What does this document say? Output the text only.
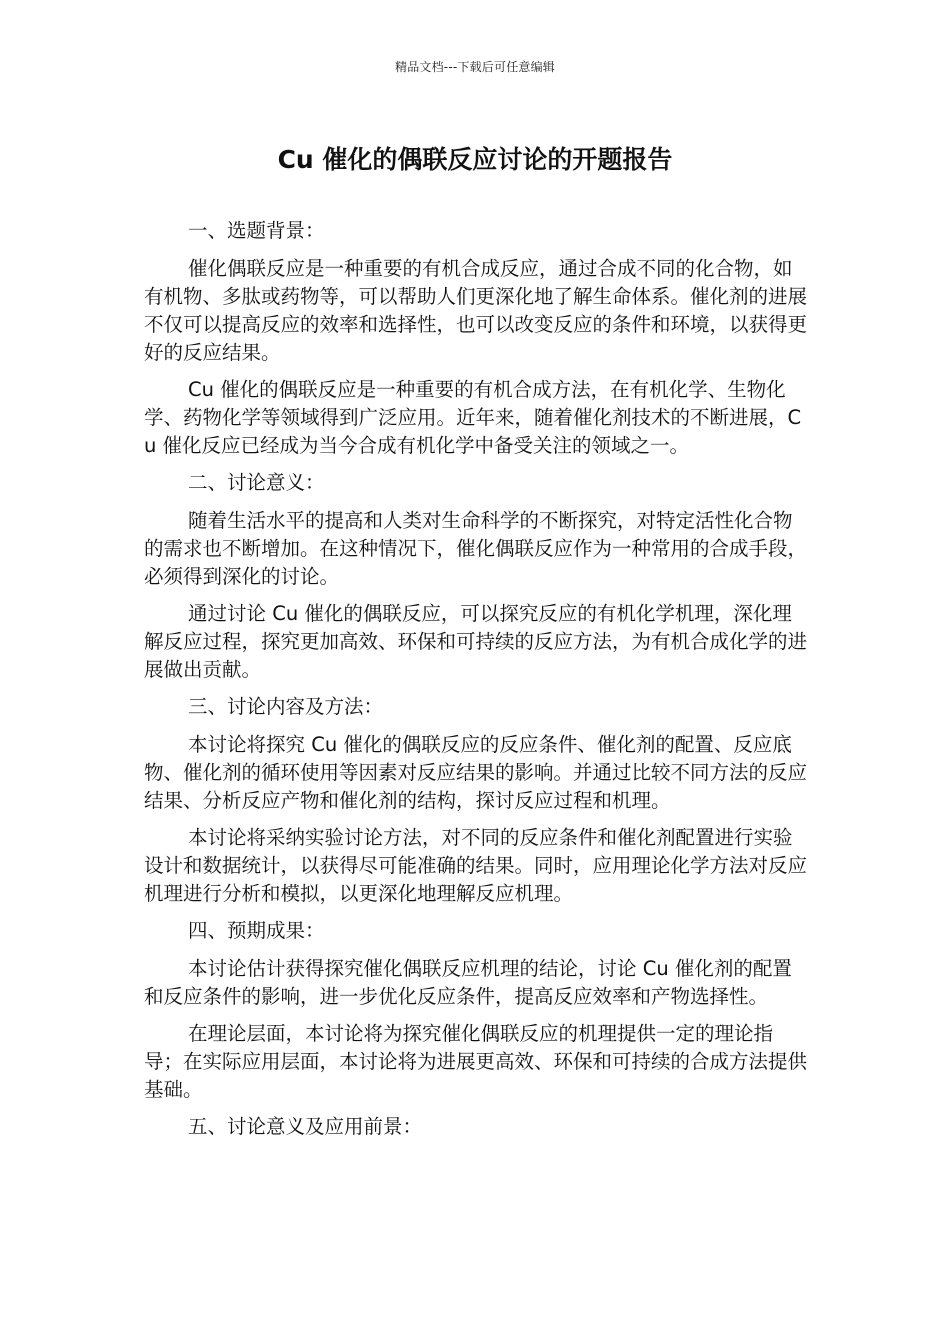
精品文档---下载后可任意编辑
Cu 催化的偶联反应讨论的开题报告

一、选题背景：

催化偶联反应是一种重要的有机合成反应，通过合成不同的化合物，如有机物、多肽或药物等，可以帮助人们更深化地了解生命体系。催化剂的进展不仅可以提高反应的效率和选择性，也可以改变反应的条件和环境，以获得更好的反应结果。

Cu 催化的偶联反应是一种重要的有机合成方法，在有机化学、生物化学、药物化学等领域得到广泛应用。近年来，随着催化剂技术的不断进展，Cu 催化反应已经成为当今合成有机化学中备受关注的领域之一。

二、讨论意义：

随着生活水平的提高和人类对生命科学的不断探究，对特定活性化合物的需求也不断增加。在这种情况下，催化偶联反应作为一种常用的合成手段，必须得到深化的讨论。

通过讨论 Cu 催化的偶联反应，可以探究反应的有机化学机理，深化理解反应过程，探究更加高效、环保和可持续的反应方法，为有机合成化学的进展做出贡献。

三、讨论内容及方法：

本讨论将探究 Cu 催化的偶联反应的反应条件、催化剂的配置、反应底物、催化剂的循环使用等因素对反应结果的影响。并通过比较不同方法的反应结果、分析反应产物和催化剂的结构，探讨反应过程和机理。

本讨论将采纳实验讨论方法，对不同的反应条件和催化剂配置进行实验设计和数据统计，以获得尽可能准确的结果。同时，应用理论化学方法对反应机理进行分析和模拟，以更深化地理解反应机理。

四、预期成果：

本讨论估计获得探究催化偶联反应机理的结论，讨论 Cu 催化剂的配置和反应条件的影响，进一步优化反应条件，提高反应效率和产物选择性。

在理论层面，本讨论将为探究催化偶联反应的机理提供一定的理论指导；在实际应用层面，本讨论将为进展更高效、环保和可持续的合成方法提供基础。

五、讨论意义及应用前景：
